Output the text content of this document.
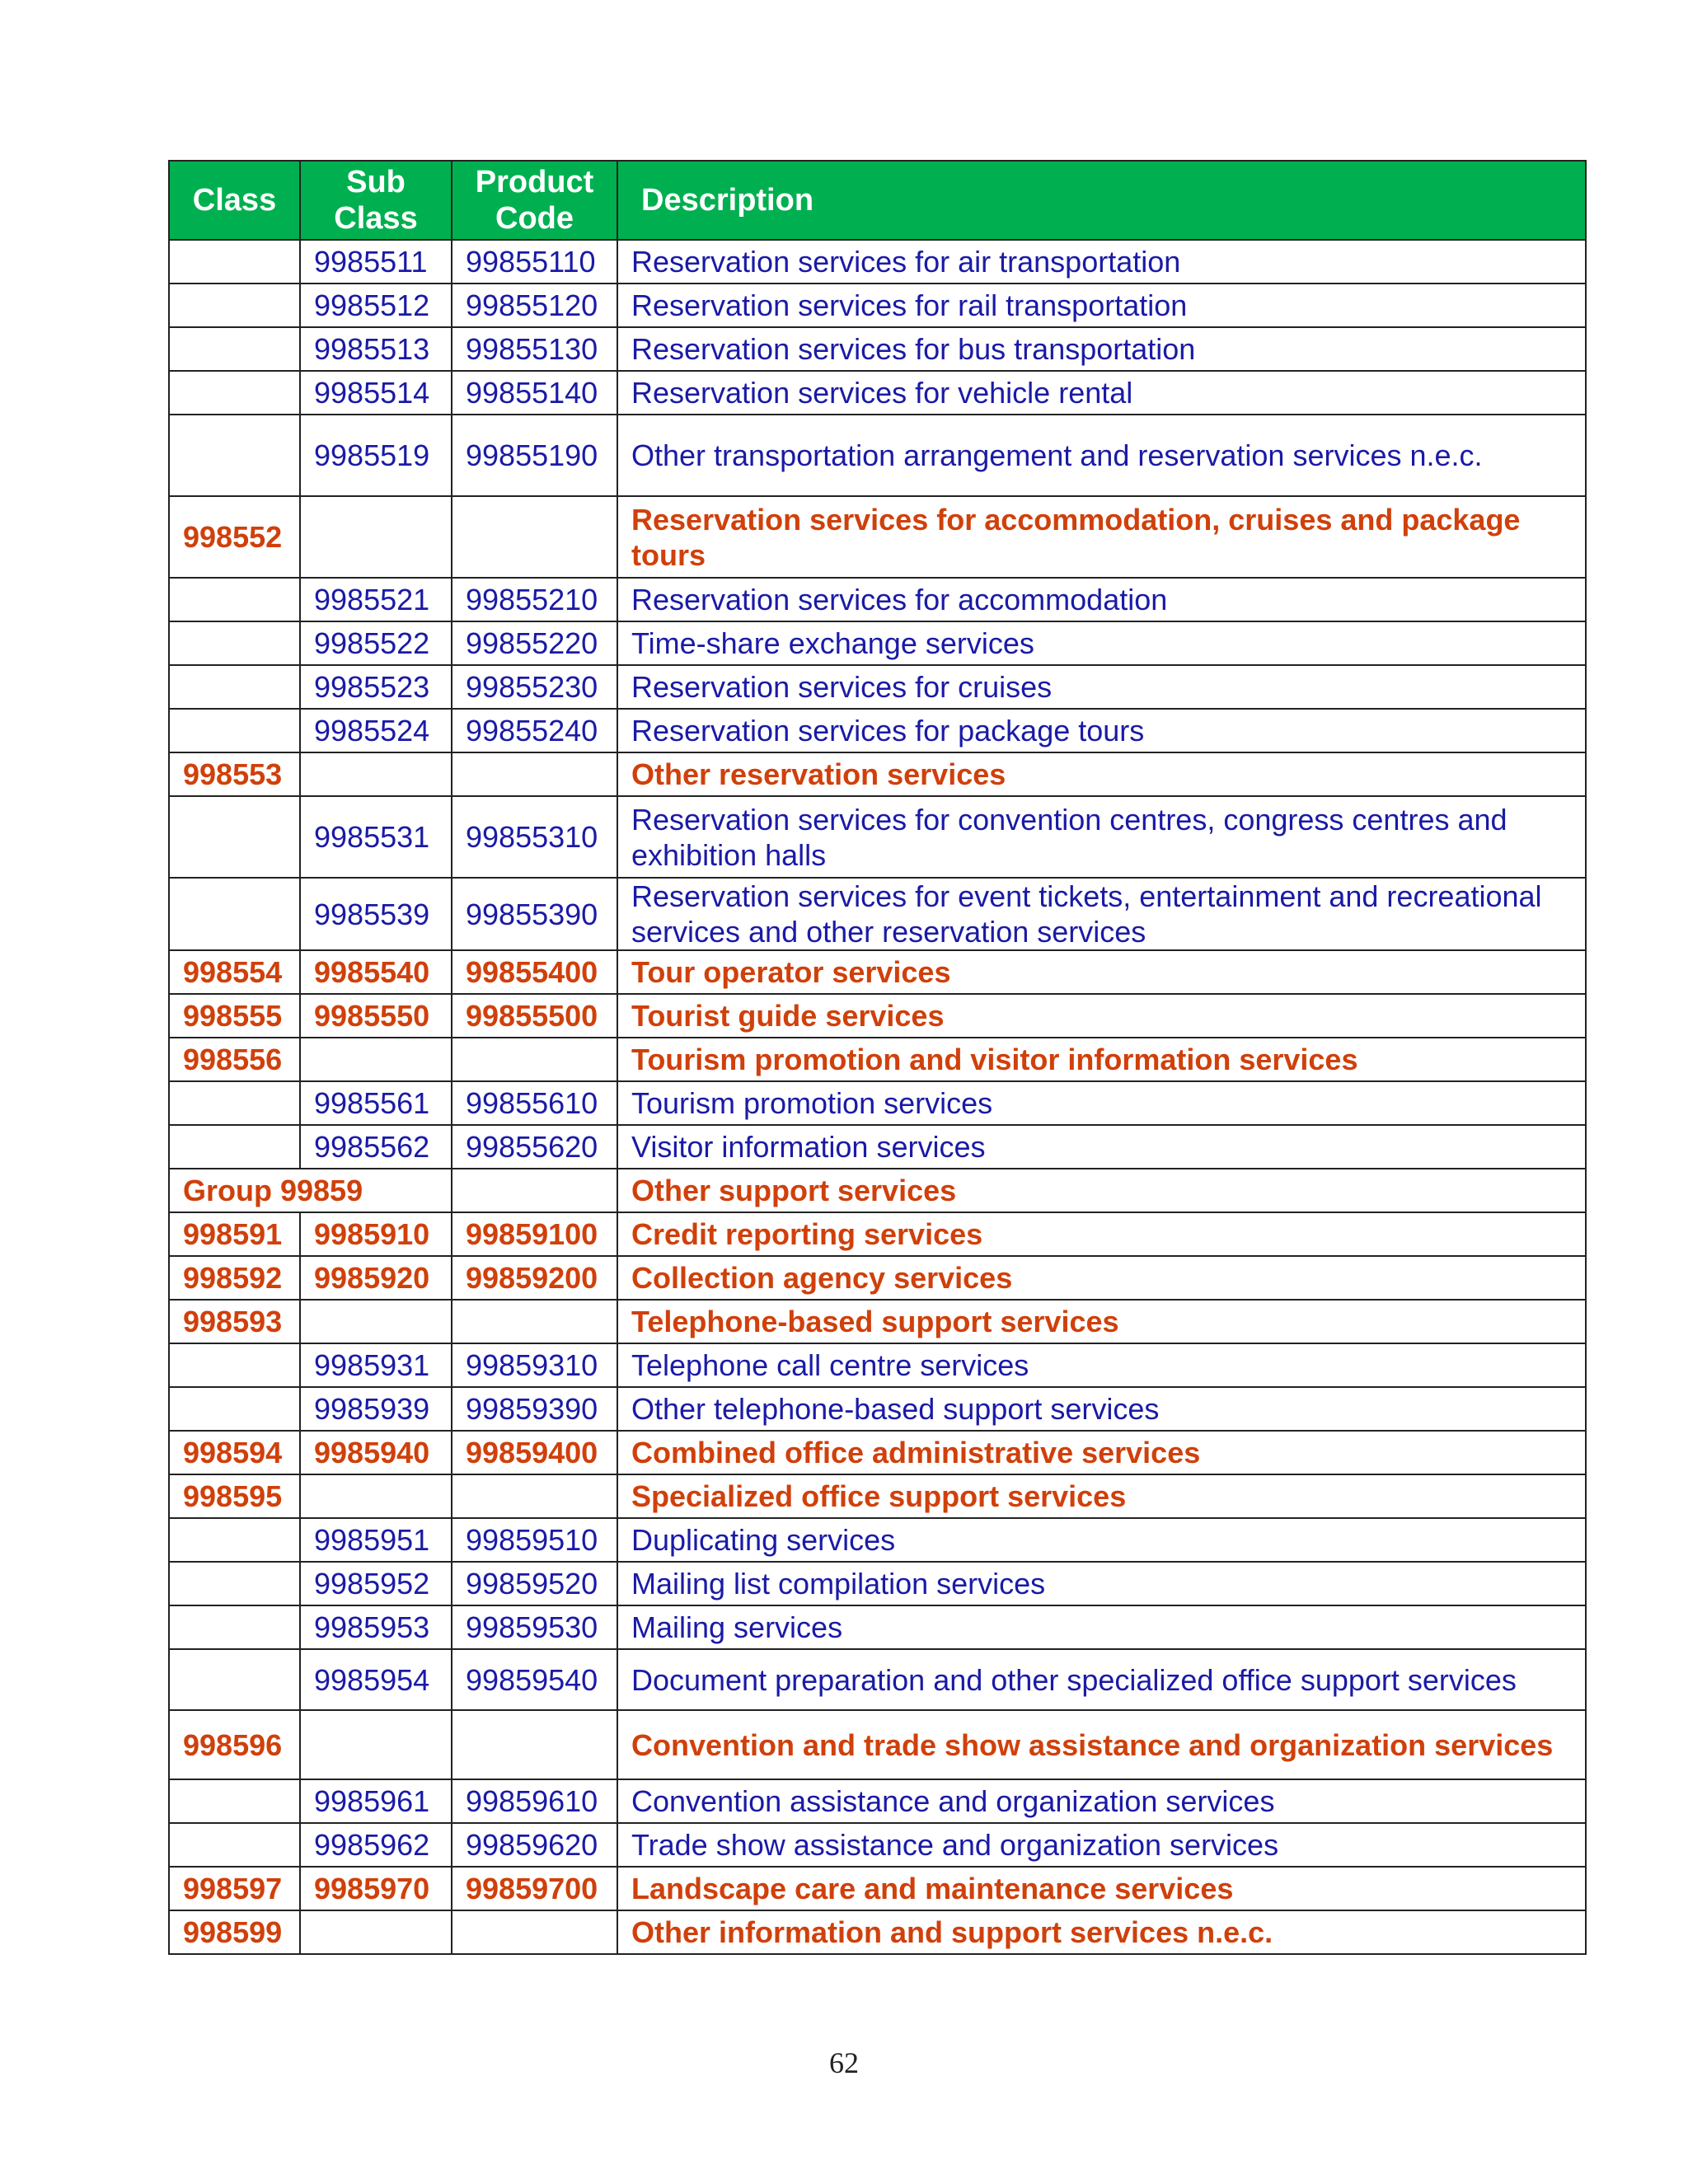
Class	Sub Class	Product Code	Description
	9985511	99855110	Reservation services for air transportation
	9985512	99855120	Reservation services for rail transportation
	9985513	99855130	Reservation services for bus transportation
	9985514	99855140	Reservation services for vehicle rental
	9985519	99855190	Other transportation arrangement and reservation services n.e.c.
998552			Reservation services for accommodation, cruises and package tours
	9985521	99855210	Reservation services for accommodation
	9985522	99855220	Time-share exchange services
	9985523	99855230	Reservation services for cruises
	9985524	99855240	Reservation services for package tours
998553			Other reservation services
	9985531	99855310	Reservation services for convention centres, congress centres and exhibition halls
	9985539	99855390	Reservation services for event tickets, entertainment and recreational services and other reservation services
998554	9985540	99855400	Tour operator services
998555	9985550	99855500	Tourist guide services
998556			Tourism promotion and visitor information services
	9985561	99855610	Tourism promotion services
	9985562	99855620	Visitor information services
Group 99859			Other support services
998591	9985910	99859100	Credit reporting services
998592	9985920	99859200	Collection agency services
998593			Telephone-based support services
	9985931	99859310	Telephone call centre services
	9985939	99859390	Other telephone-based support services
998594	9985940	99859400	Combined office administrative services
998595			Specialized office support services
	9985951	99859510	Duplicating services
	9985952	99859520	Mailing list compilation services
	9985953	99859530	Mailing services
	9985954	99859540	Document preparation and other specialized office support services
998596			Convention and trade show assistance and organization services
	9985961	99859610	Convention assistance and organization services
	9985962	99859620	Trade show assistance and organization services
998597	9985970	99859700	Landscape care and maintenance services
998599			Other information and support services n.e.c.
62
